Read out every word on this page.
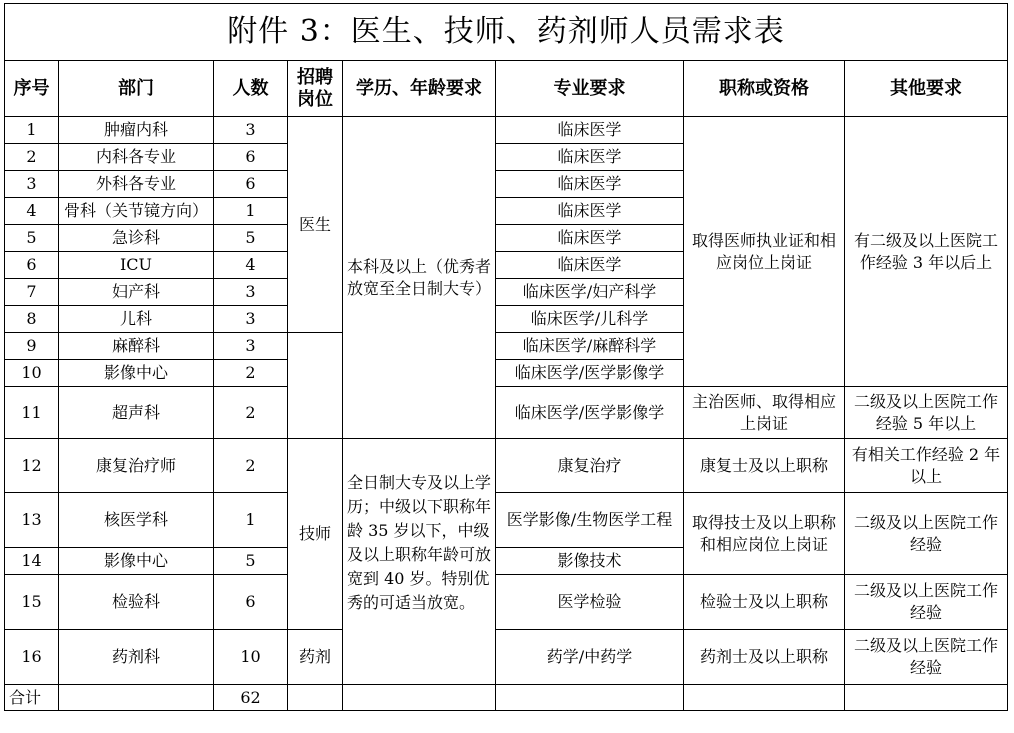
附件 3：医生、技师、药剂师人员需求表							
序号	部门	人数	招聘岗位	学历、年龄要求	专业要求	职称或资格	其他要求
1	肿瘤内科	3	医生	本科及以上（优秀者放宽至全日制大专）	临床医学	取得医师执业证和相应岗位上岗证	有二级及以上医院工作经验 3 年以后上
2	内科各专业	6			临床医学		
3	外科各专业	6			临床医学		
4	骨科（关节镜方向）	1			临床医学		
5	急诊科	5			临床医学		
6	ICU	4			临床医学		
7	妇产科	3			临床医学/妇产科学		
8	儿科	3			临床医学/儿科学		
9	麻醉科	3			临床医学/麻醉科学		
10	影像中心	2			临床医学/医学影像学		
11	超声科	2			临床医学/医学影像学	主治医师、取得相应上岗证	二级及以上医院工作经验 5 年以上
12	康复治疗师	2	技师	全日制大专及以上学历；中级以下职称年龄 35 岁以下，中级及以上职称年龄可放宽到 40 岁。特别优秀的可适当放宽。	康复治疗	康复士及以上职称	有相关工作经验 2 年以上
13	核医学科	1			医学影像/生物医学工程	取得技士及以上职称和相应岗位上岗证	二级及以上医院工作经验
14	影像中心	5			影像技术		
15	检验科	6			医学检验	检验士及以上职称	二级及以上医院工作经验
16	药剂科	10	药剂		药学/中药学	药剂士及以上职称	二级及以上医院工作经验
合计		62					
